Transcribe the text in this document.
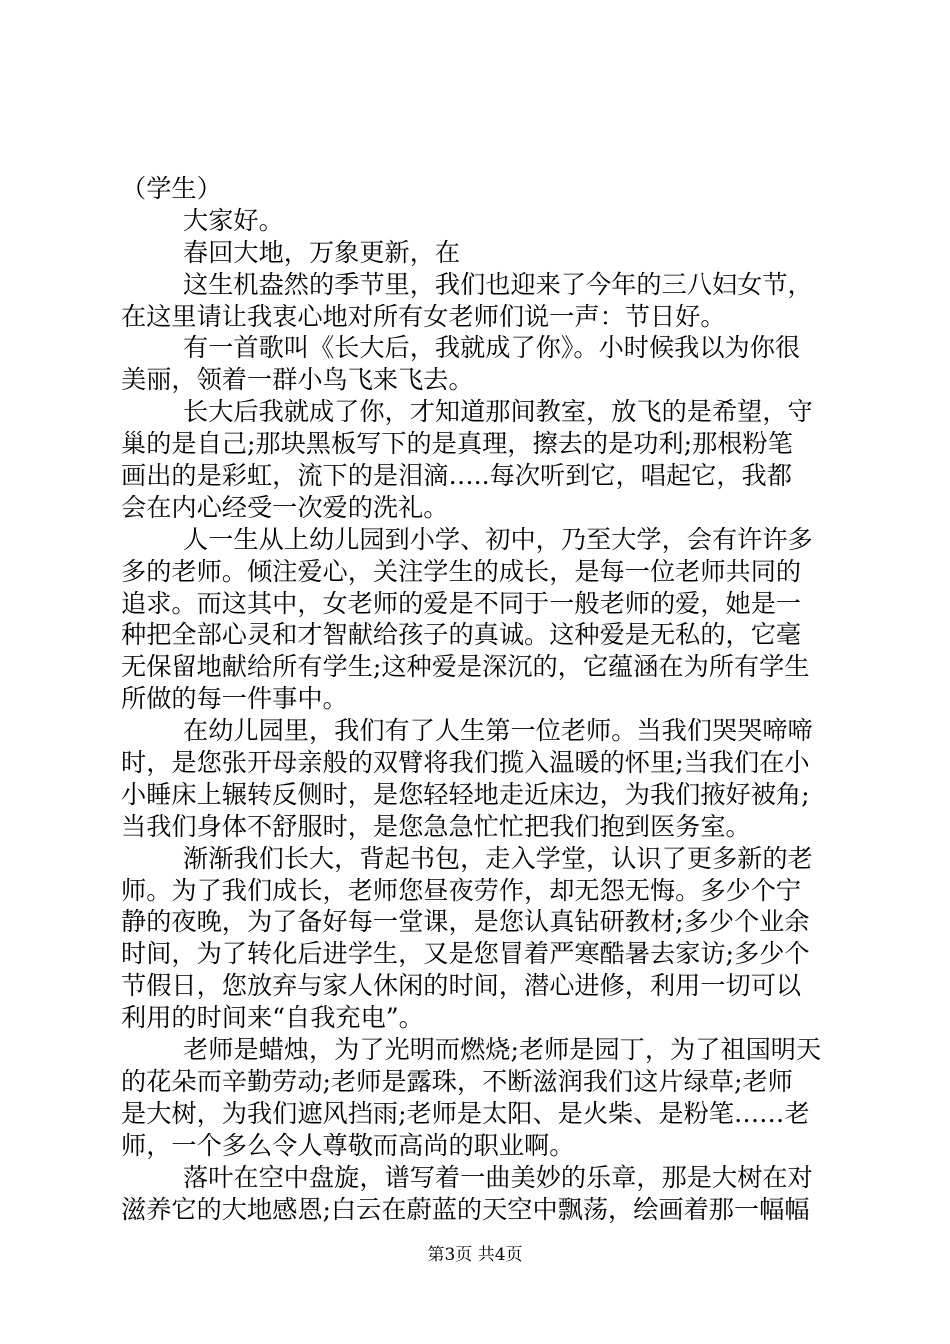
（学生）
大家好。
春回大地，万象更新，在
这生机盎然的季节里，我们也迎来了今年的三八妇女节，
在这里请让我衷心地对所有女老师们说一声：节日好。
有一首歌叫《长大后，我就成了你》。小时候我以为你很
美丽，领着一群小鸟飞来飞去。
长大后我就成了你，才知道那间教室，放飞的是希望，守
巢的是自己;那块黑板写下的是真理，擦去的是功利;那根粉笔
画出的是彩虹，流下的是泪滴…..每次听到它，唱起它，我都
会在内心经受一次爱的洗礼。
人一生从上幼儿园到小学、初中，乃至大学，会有许许多
多的老师。倾注爱心，关注学生的成长，是每一位老师共同的
追求。而这其中，女老师的爱是不同于一般老师的爱，她是一
种把全部心灵和才智献给孩子的真诚。这种爱是无私的，它毫
无保留地献给所有学生;这种爱是深沉的，它蕴涵在为所有学生
所做的每一件事中。
在幼儿园里，我们有了人生第一位老师。当我们哭哭啼啼
时，是您张开母亲般的双臂将我们揽入温暖的怀里;当我们在小
小睡床上辗转反侧时，是您轻轻地走近床边，为我们掖好被角;
当我们身体不舒服时，是您急急忙忙把我们抱到医务室。
渐渐我们长大，背起书包，走入学堂，认识了更多新的老
师。为了我们成长，老师您昼夜劳作，却无怨无悔。多少个宁
静的夜晚，为了备好每一堂课，是您认真钻研教材;多少个业余
时间，为了转化后进学生，又是您冒着严寒酷暑去家访;多少个
节假日，您放弃与家人休闲的时间，潜心进修，利用一切可以
利用的时间来“自我充电”。
老师是蜡烛，为了光明而燃烧;老师是园丁，为了祖国明天
的花朵而辛勤劳动;老师是露珠，不断滋润我们这片绿草;老师
是大树，为我们遮风挡雨;老师是太阳、是火柴、是粉笔……老
师，一个多么令人尊敬而高尚的职业啊。
落叶在空中盘旋，谱写着一曲美妙的乐章，那是大树在对
滋养它的大地感恩;白云在蔚蓝的天空中飘荡，绘画着那一幅幅
第3页 共4页
